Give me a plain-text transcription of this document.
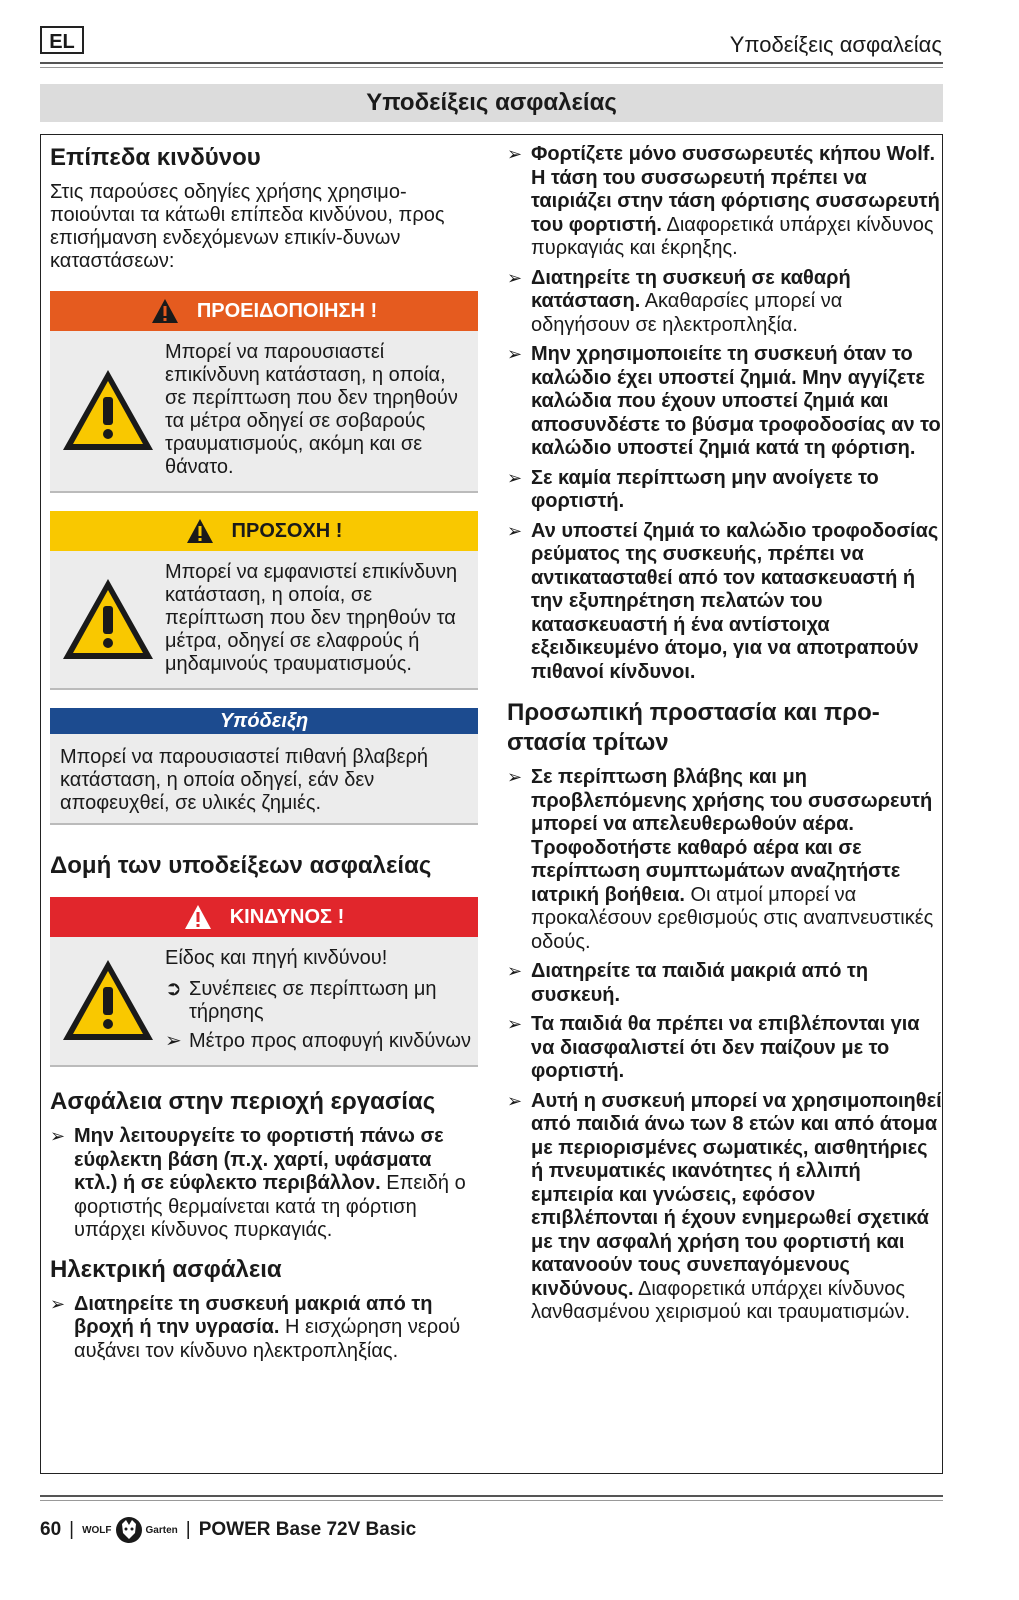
EL	Υποδείξεις ασφαλείας
Υποδείξεις ασφαλείας
Επίπεδα κινδύνου

Στις παρούσες οδηγίες χρήσης χρησιμο-ποιούνται τα κάτωθι επίπεδα κινδύνου, προς επισήμανση ενδεχόμενων επικίν-δυνων καταστάσεων:

ΠΡΟΕΙΔΟΠΟΙΗΣΗ !
Μπορεί να παρουσιαστεί επικίνδυνη κατάσταση, η οποία, σε περίπτωση που δεν τηρηθούν τα μέτρα οδηγεί σε σοβαρούς τραυματισμούς, ακόμη και σε θάνατο.
ΠΡΟΣΟΧΗ !
Μπορεί να εμφανιστεί επικίνδυνη κατάσταση, η οποία, σε περίπτωση που δεν τηρηθούν τα μέτρα, οδηγεί σε ελαφρούς ή μηδαμινούς τραυματισμούς.
Υπόδειξη
Μπορεί να παρουσιαστεί πιθανή βλαβερή κατάσταση, η οποία οδηγεί, εάν δεν αποφευχθεί, σε υλικές ζημιές.
Δομή των υποδείξεων ασφαλείας
ΚΙΝΔΥΝΟΣ !
Είδος και πηγή κινδύνου!
➲ Συνέπειες σε περίπτωση μη τήρησης
➢ Μέτρο προς αποφυγή κινδύνων
Ασφάλεια στην περιοχή εργασίας
➢ Μην λειτουργείτε το φορτιστή πάνω σε εύφλεκτη βάση (π.χ. χαρτί, υφάσματα κτλ.) ή σε εύφλεκτο περιβάλλον. Επειδή ο φορτιστής θερμαίνεται κατά τη φόρτιση υπάρχει κίνδυνος πυρκαγιάς.
Ηλεκτρική ασφάλεια
➢ Διατηρείτε τη συσκευή μακριά από τη βροχή ή την υγρασία. Η εισχώρηση νερού αυξάνει τον κίνδυνο ηλεκτροπληξίας.
➢ Φορτίζετε μόνο συσσωρευτές κήπου Wolf. Η τάση του συσσωρευτή πρέπει να ταιριάζει στην τάση φόρτισης συσσωρευτή του φορτιστή. Διαφορετικά υπάρχει κίνδυνος πυρκαγιάς και έκρηξης.
➢ Διατηρείτε τη συσκευή σε καθαρή κατάσταση. Ακαθαρσίες μπορεί να οδηγήσουν σε ηλεκτροπληξία.
➢ Μην χρησιμοποιείτε τη συσκευή όταν το καλώδιο έχει υποστεί ζημιά. Μην αγγίζετε καλώδια που έχουν υποστεί ζημιά και αποσυνδέστε το βύσμα τροφοδοσίας αν το καλώδιο υποστεί ζημιά κατά τη φόρτιση.
➢ Σε καμία περίπτωση μην ανοίγετε το φορτιστή.
➢ Αν υποστεί ζημιά το καλώδιο τροφοδοσίας ρεύματος της συσκευής, πρέπει να αντικατασταθεί από τον κατασκευαστή ή την εξυπηρέτηση πελατών του κατασκευαστή ή ένα αντίστοιχα εξειδικευμένο άτομο, για να αποτραπούν πιθανοί κίνδυνοι.
Προσωπική προστασία και προ-στασία τρίτων
➢ Σε περίπτωση βλάβης και μη προβλεπόμενης χρήσης του συσσωρευτή μπορεί να απελευθερωθούν αέρα. Τροφοδοτήστε καθαρό αέρα και σε περίπτωση συμπτωμάτων αναζητήστε ιατρική βοήθεια. Οι ατμοί μπορεί να προκαλέσουν ερεθισμούς στις αναπνευστικές οδούς.
➢ Διατηρείτε τα παιδιά μακριά από τη συσκευή.
➢ Τα παιδιά θα πρέπει να επιβλέπονται για να διασφαλιστεί ότι δεν παίζουν με το φορτιστή.
➢ Αυτή η συσκευή μπορεί να χρησιμοποιηθεί από παιδιά άνω των 8 ετών και από άτομα με περιορισμένες σωματικές, αισθητήριες ή πνευματικές ικανότητες ή ελλιπή εμπειρία και γνώσεις, εφόσον επιβλέπονται ή έχουν ενημερωθεί σχετικά με την ασφαλή χρήση του φορτιστή και κατανοούν τους συνεπαγόμενους κινδύνους. Διαφορετικά υπάρχει κίνδυνος λανθασμένου χειρισμού και τραυματισμών.
60 | WOLF	Garten | POWER Base 72V Basic
